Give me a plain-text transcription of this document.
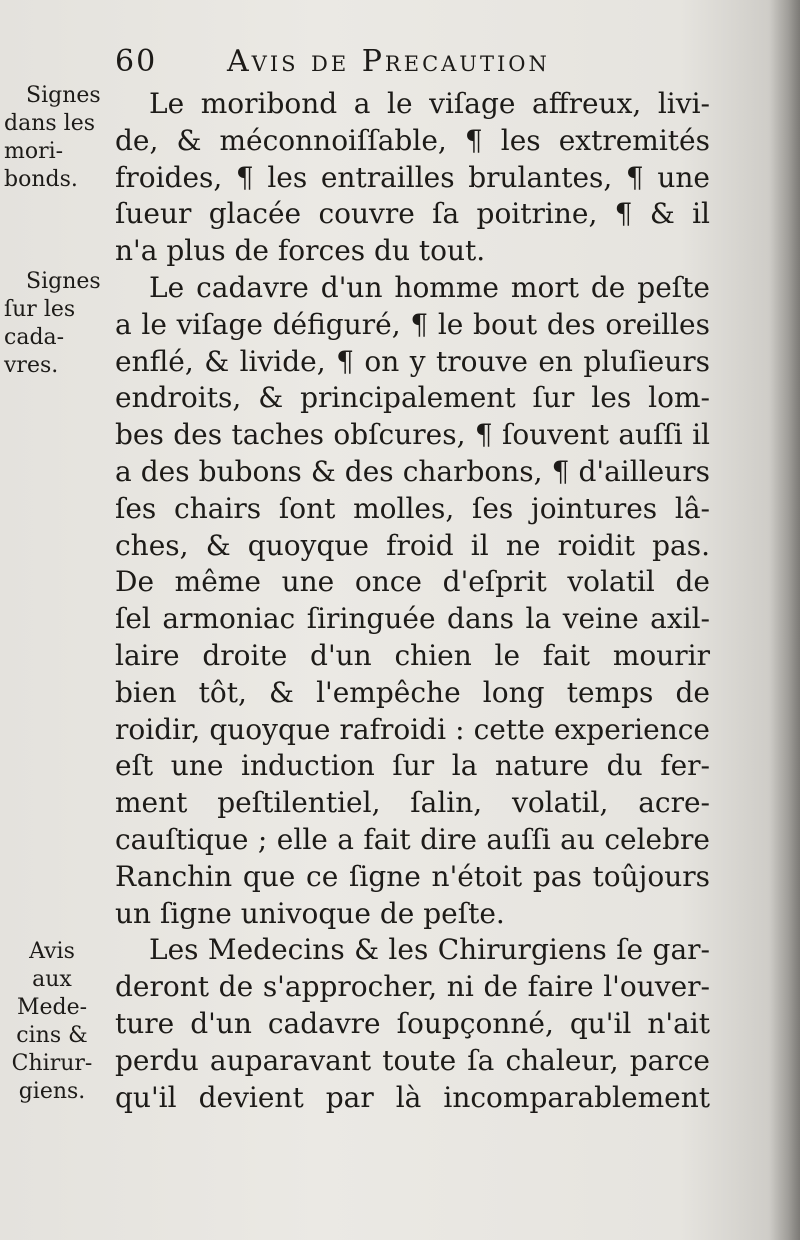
60 Avis de Precaution
Signes
dans les
mori-
bonds.
Signes
ſur les
cada-
vres.
Avis
aux
Mede-
cins &
Chirur-
giens.
Le moribond a le viſage affreux, livi-
de, & méconnoiſſable, ¶ les extremités
froides, ¶ les entrailles brulantes, ¶ une
ſueur glacée couvre ſa poitrine, ¶ & il
n'a plus de forces du tout.
Le cadavre d'un homme mort de peſte
a le viſage défiguré, ¶ le bout des oreilles
enflé, & livide, ¶ on y trouve en pluſieurs
endroits, & principalement ſur les lom-
bes des taches obſcures, ¶ ſouvent auſſi il
a des bubons & des charbons, ¶ d'ailleurs
ſes chairs ſont molles, ſes jointures lâ-
ches, & quoyque froid il ne roidit pas.
De même une once d'eſprit volatil de
ſel armoniac ſiringuée dans la veine axil-
laire droite d'un chien le fait mourir
bien tôt, & l'empêche long temps de
roidir, quoyque rafroidi : cette experience
eſt une induction ſur la nature du fer-
ment peſtilentiel, ſalin, volatil, acre-
cauſtique ; elle a fait dire auſſi au celebre
Ranchin que ce ſigne n'étoit pas toûjours
un ſigne univoque de peſte.
Les Medecins & les Chirurgiens ſe gar-
deront de s'approcher, ni de faire l'ouver-
ture d'un cadavre ſoupçonné, qu'il n'ait
perdu auparavant toute ſa chaleur, parce
qu'il devient par là incomparablement
